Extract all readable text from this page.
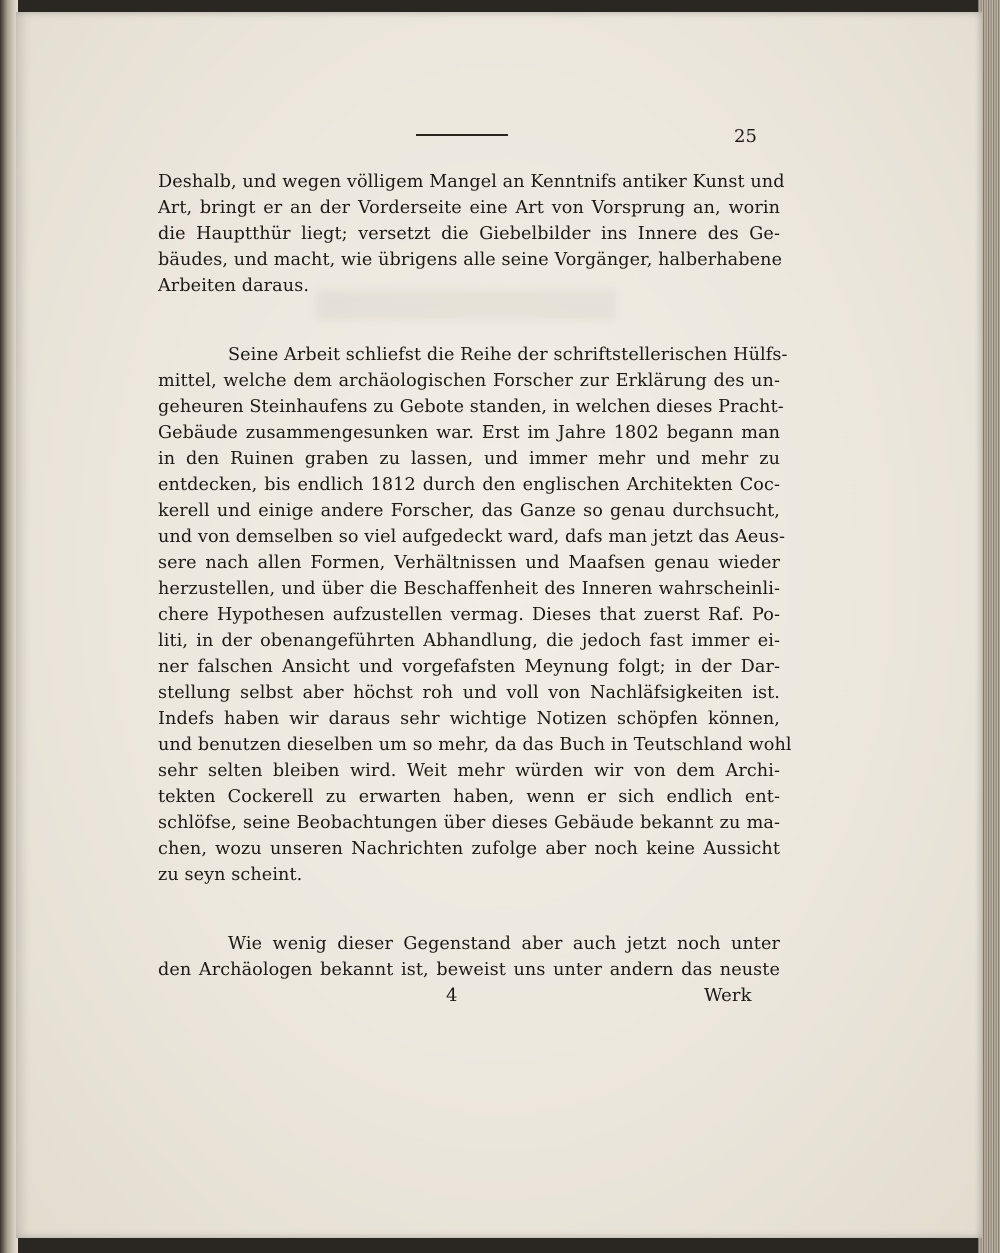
25
Deshalb, und wegen völligem Mangel an Kenntnifs antiker Kunst und
Art, bringt er an der Vorderseite eine Art von Vorsprung an, worin
die Hauptthür liegt; versetzt die Giebelbilder ins Innere des Ge-
bäudes, und macht, wie übrigens alle seine Vorgänger, halberhabene
Arbeiten daraus.
Seine Arbeit schliefst die Reihe der schriftstellerischen Hülfs-
mittel, welche dem archäologischen Forscher zur Erklärung des un-
geheuren Steinhaufens zu Gebote standen, in welchen dieses Pracht-
Gebäude zusammengesunken war. Erst im Jahre 1802 begann man
in den Ruinen graben zu lassen, und immer mehr und mehr zu
entdecken, bis endlich 1812 durch den englischen Architekten Coc-
kerell und einige andere Forscher, das Ganze so genau durchsucht,
und von demselben so viel aufgedeckt ward, dafs man jetzt das Aeus-
sere nach allen Formen, Verhältnissen und Maafsen genau wieder
herzustellen, und über die Beschaffenheit des Inneren wahrscheinli-
chere Hypothesen aufzustellen vermag. Dieses that zuerst Raf. Po-
liti, in der obenangeführten Abhandlung, die jedoch fast immer ei-
ner falschen Ansicht und vorgefafsten Meynung folgt; in der Dar-
stellung selbst aber höchst roh und voll von Nachläfsigkeiten ist.
Indefs haben wir daraus sehr wichtige Notizen schöpfen können,
und benutzen dieselben um so mehr, da das Buch in Teutschland wohl
sehr selten bleiben wird. Weit mehr würden wir von dem Archi-
tekten Cockerell zu erwarten haben, wenn er sich endlich ent-
schlöfse, seine Beobachtungen über dieses Gebäude bekannt zu ma-
chen, wozu unseren Nachrichten zufolge aber noch keine Aussicht
zu seyn scheint.
Wie wenig dieser Gegenstand aber auch jetzt noch unter
den Archäologen bekannt ist, beweist uns unter andern das neuste
4	Werk
